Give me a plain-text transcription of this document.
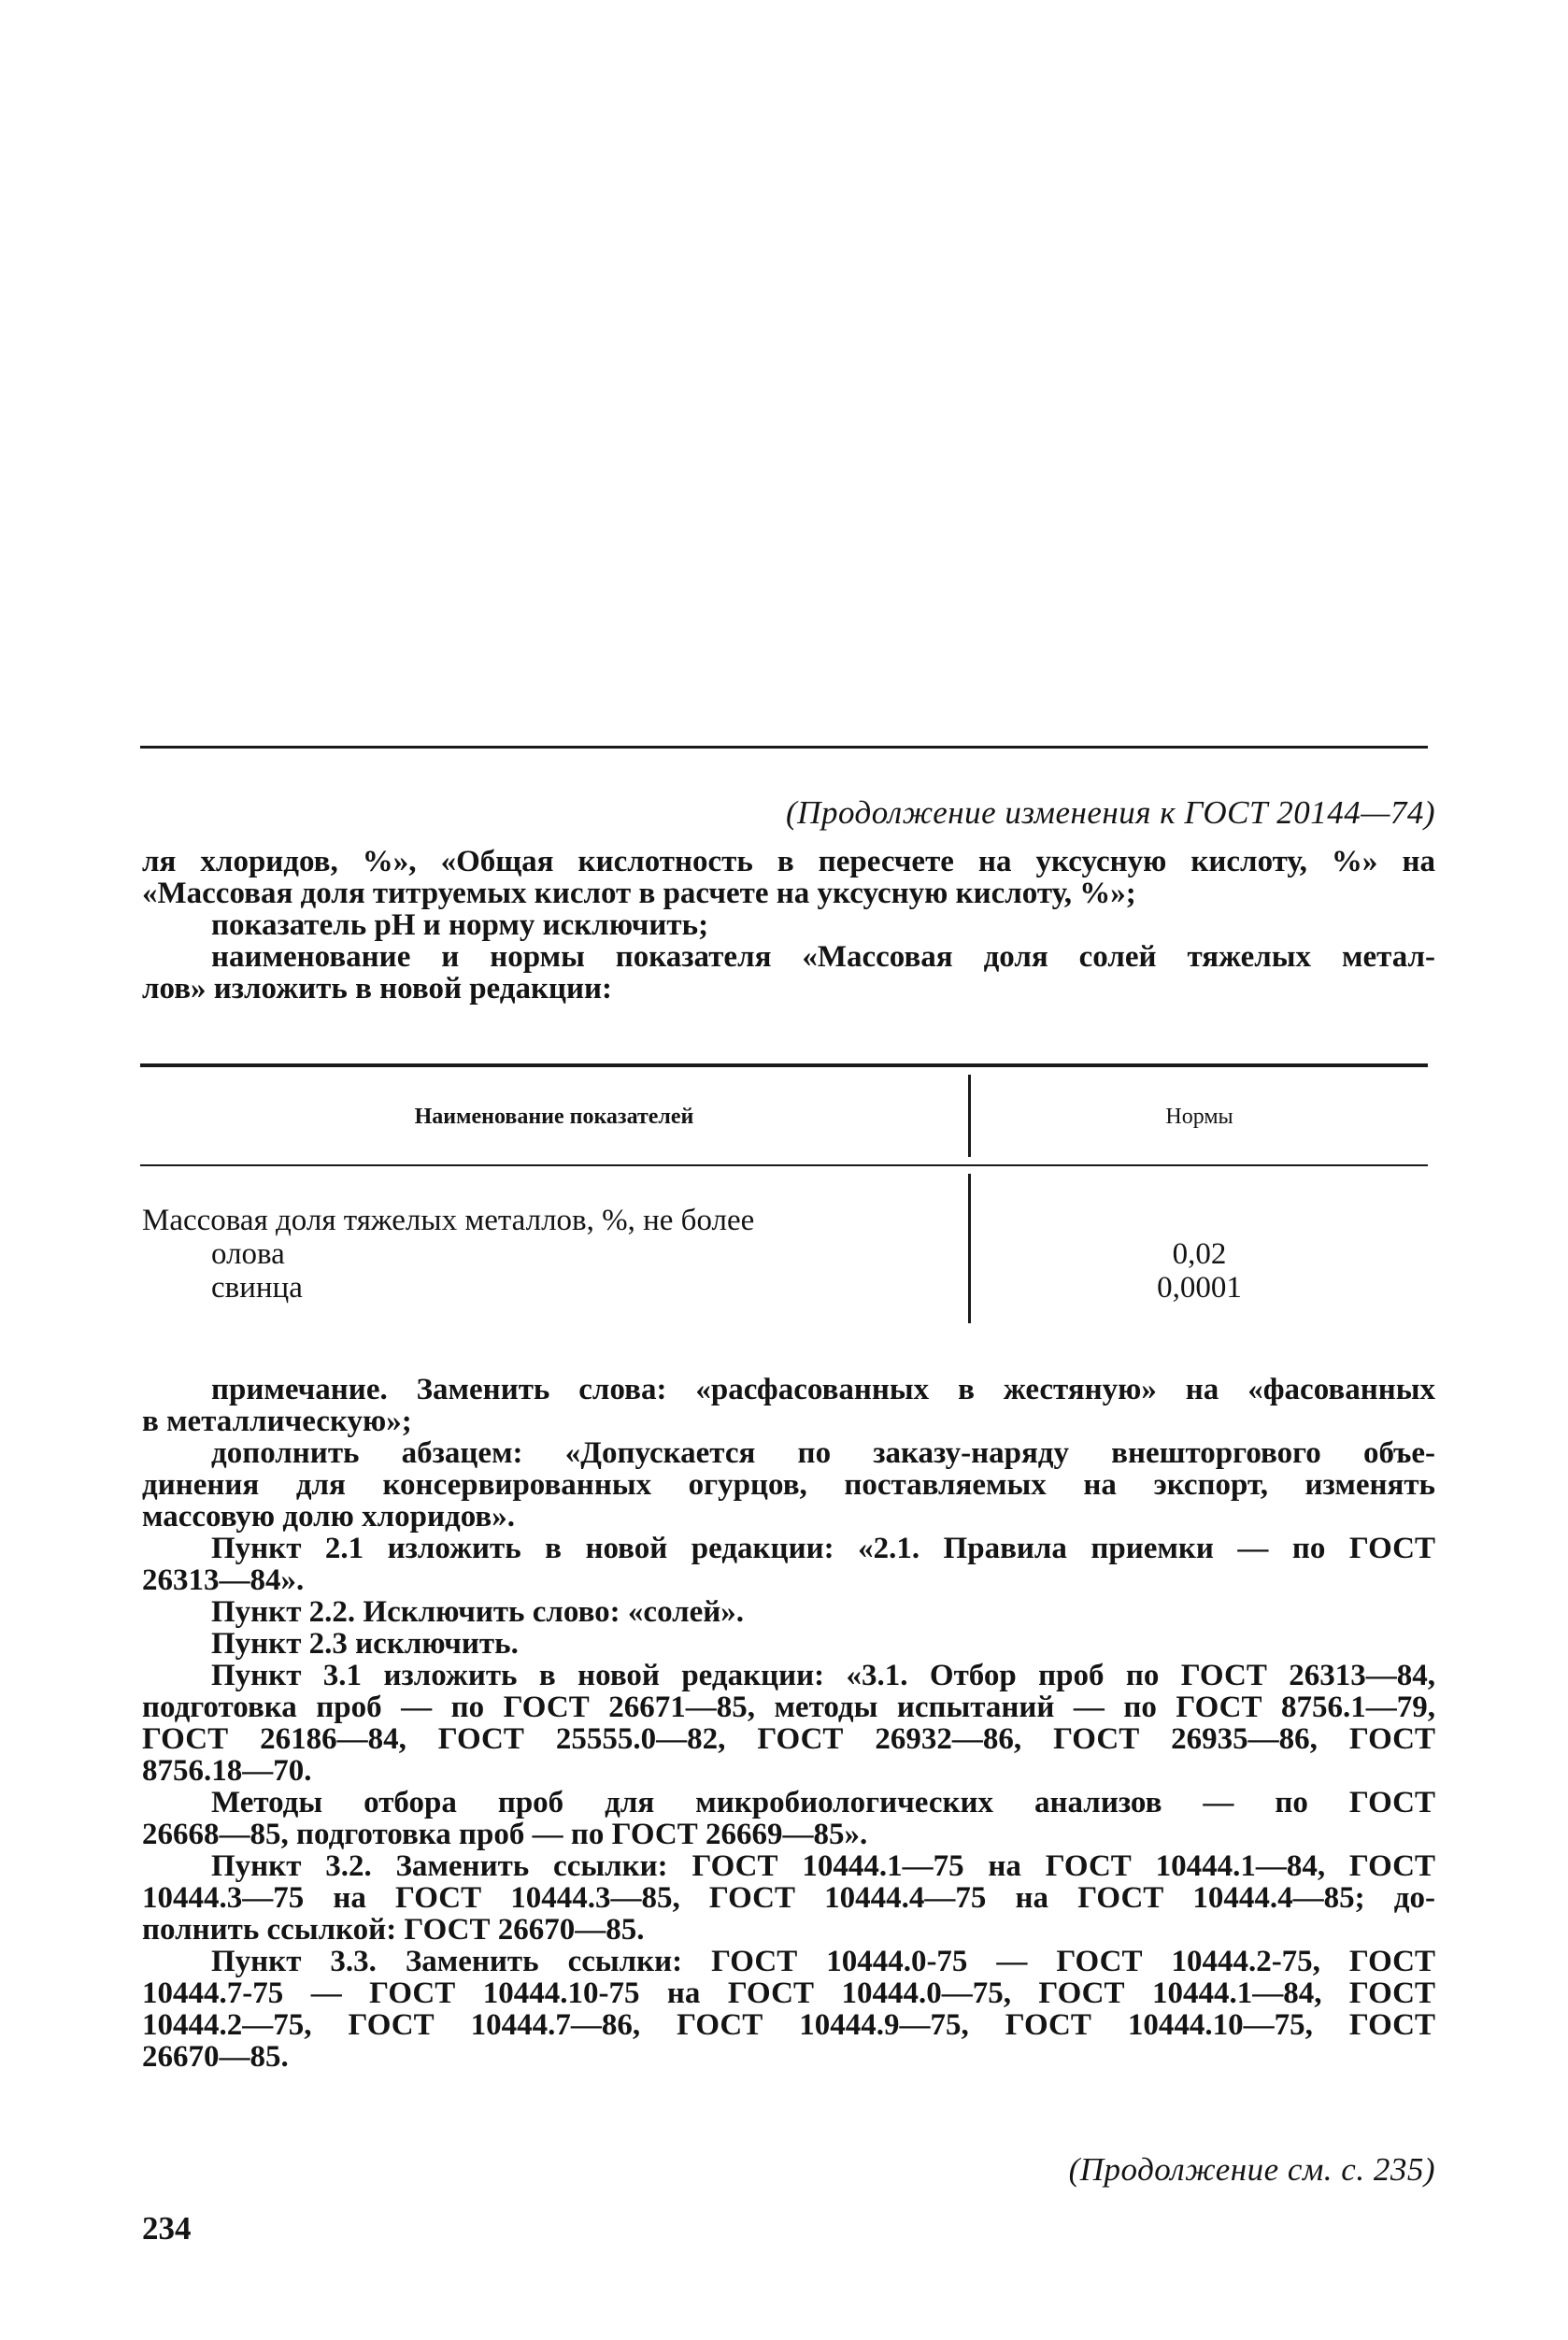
(Продолжение изменения к ГОСТ 20144—74)

ля хлоридов, %», «Общая кислотность в пересчете на уксусную кислоту, %» на

«Массовая доля титруемых кислот в расчете на уксусную кислоту, %»;

показатель pH и норму исключить;

наименование и нормы показателя «Массовая доля солей тяжелых метал-

лов» изложить в новой редакции:

Наименование показателей	Нормы
Массовая доля тяжелых металлов, %, не более
олова
свинца
0,02
0,0001

примечание. Заменить слова: «расфасованных в жестяную» на «фасованных

в металлическую»;

дополнить абзацем: «Допускается по заказу-наряду внешторгового объе-

динения для консервированных огурцов, поставляемых на экспорт, изменять

массовую долю хлоридов».

Пункт 2.1 изложить в новой редакции: «2.1. Правила приемки — по ГОСТ

26313—84».

Пункт 2.2. Исключить слово: «солей».

Пункт 2.3 исключить.

Пункт 3.1 изложить в новой редакции: «3.1. Отбор проб по ГОСТ 26313—84,

подготовка проб — по ГОСТ 26671—85, методы испытаний — по ГОСТ 8756.1—79,

ГОСТ 26186—84, ГОСТ 25555.0—82, ГОСТ 26932—86, ГОСТ 26935—86, ГОСТ

8756.18—70.

Методы отбора проб для микробиологических анализов — по ГОСТ

26668—85, подготовка проб — по ГОСТ 26669—85».

Пункт 3.2. Заменить ссылки: ГОСТ 10444.1—75 на ГОСТ 10444.1—84, ГОСТ

10444.3—75 на ГОСТ 10444.3—85, ГОСТ 10444.4—75 на ГОСТ 10444.4—85; до-

полнить ссылкой: ГОСТ 26670—85.

Пункт 3.3. Заменить ссылки: ГОСТ 10444.0-75 — ГОСТ 10444.2-75, ГОСТ

10444.7-75 — ГОСТ 10444.10-75 на ГОСТ 10444.0—75, ГОСТ 10444.1—84, ГОСТ

10444.2—75, ГОСТ 10444.7—86, ГОСТ 10444.9—75, ГОСТ 10444.10—75, ГОСТ

26670—85.

(Продолжение см. с. 235)
234
